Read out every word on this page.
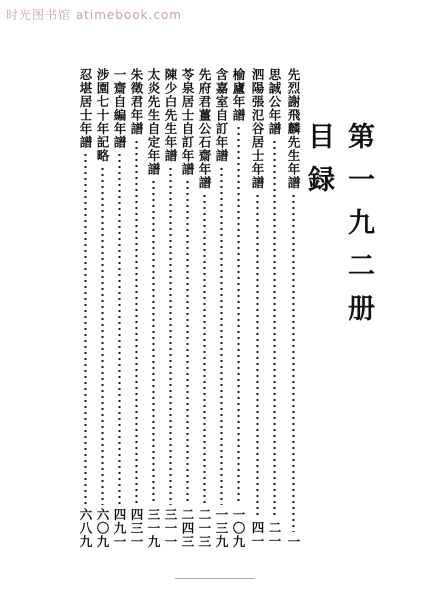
时光图书馆 atimebook.com
第一九二册目録
先烈謝飛麟先生年譜
一
思誠公年譜
二一
泗陽張氾谷居士年譜
四一
榆廬年譜
一〇九
含嘉室自訂年譜
一三九
先府君薑公石齋年譜
二一三
苓泉居士自訂年譜
二四三
陳少白先生年譜
三一一
太炎先生自定年譜
三一九
朱徵君年譜
四三一
一齋自編年譜
四九一
涉園七十年記略
六〇九
忍堪居士年譜
六八九
